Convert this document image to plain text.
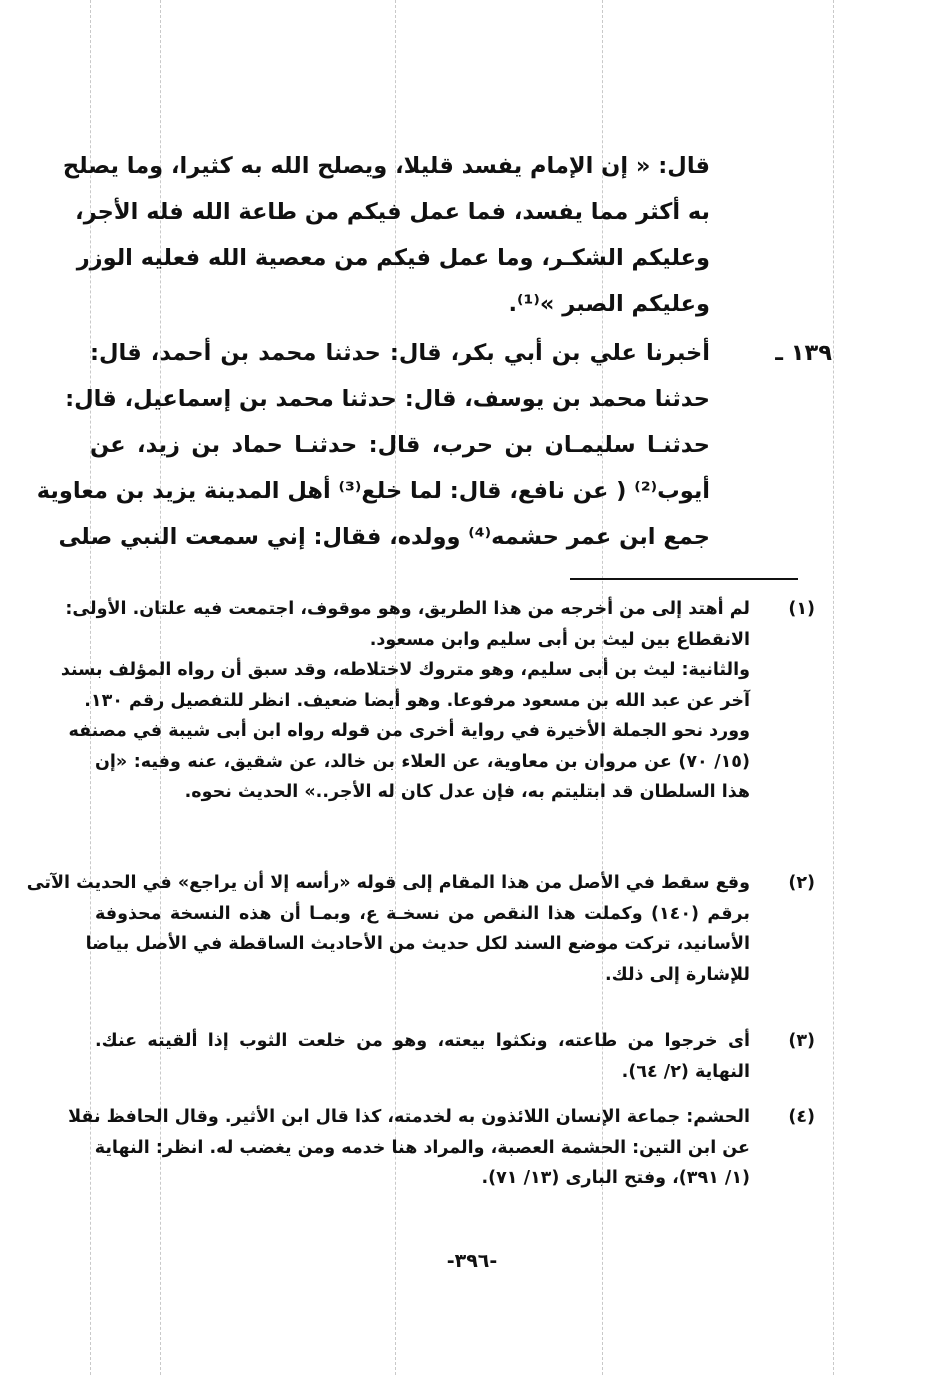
قال: « إن الإمام يفسد قليلا، ويصلح الله به كثيرا، وما يصلح

به أكثر مما يفسد، فما عمل فيكم من طاعة الله فله الأجر،

وعليكم الشكـر، وما عمل فيكم من معصية الله فعليه الوزر

وعليكم الصبر »⁽¹⁾.

١٣٩ ـ

أخبرنا علي بن أبي بكر، قال: حدثنا محمد بن أحمد، قال:

حدثنا محمد بن يوسف، قال: حدثنا محمد بن إسماعيل، قال:

حدثنـا سليمـان بن حرب، قال: حدثنـا حماد بن زيد، عن

أيوب⁽²⁾ ( عن نافع، قال: لما خلع⁽³⁾ أهل المدينة يزيد بن معاوية

جمع ابن عمر حشمه⁽⁴⁾ وولده، فقال: إني سمعت النبي صلى

(١)
لم أهتد إلى من أخرجه من هذا الطريق، وهو موقوف، اجتمعت فيه علتان. الأولى:
الانقطاع بين ليث بن أبى سليم وابن مسعود.
والثانية: ليث بن أبى سليم، وهو متروك لاختلاطه، وقد سبق أن رواه المؤلف بسند
آخر عن عبد الله بن مسعود مرفوعا. وهو أيضا ضعيف. انظر للتفصيل رقم ١٣٠.
وورد نحو الجملة الأخيرة في رواية أخرى من قوله رواه ابن أبى شيبة في مصنفه
(١٥/ ٧٠) عن مروان بن معاوية، عن العلاء بن خالد، عن شقيق، عنه وفيه: «إن
هذا السلطان قد ابتليتم به، فإن عدل كان له الأجر..» الحديث نحوه.
(٢)
وقع سقط في الأصل من هذا المقام إلى قوله «رأسه إلا أن يراجع» في الحديث الآتى
برقم (١٤٠) وكملت هذا النقص من نسخـة ع، وبمـا أن هذه النسخة محذوفة
الأسانيد، تركت موضع السند لكل حديث من الأحاديث الساقطة في الأصل بياضا
للإشارة إلى ذلك.
(٣)
أى خرجوا من طاعته، ونكثوا بيعته، وهو من خلعت الثوب إذا ألقيته عنك.
النهاية (٢/ ٦٤).
(٤)
الحشم: جماعة الإنسان اللائذون به لخدمته، كذا قال ابن الأثير. وقال الحافظ نقلا
عن ابن التين: الحشمة العصبة، والمراد هنا خدمه ومن يغضب له. انظر: النهاية
(١/ ٣٩١)، وفتح البارى (١٣/ ٧١).
-٣٩٦-
